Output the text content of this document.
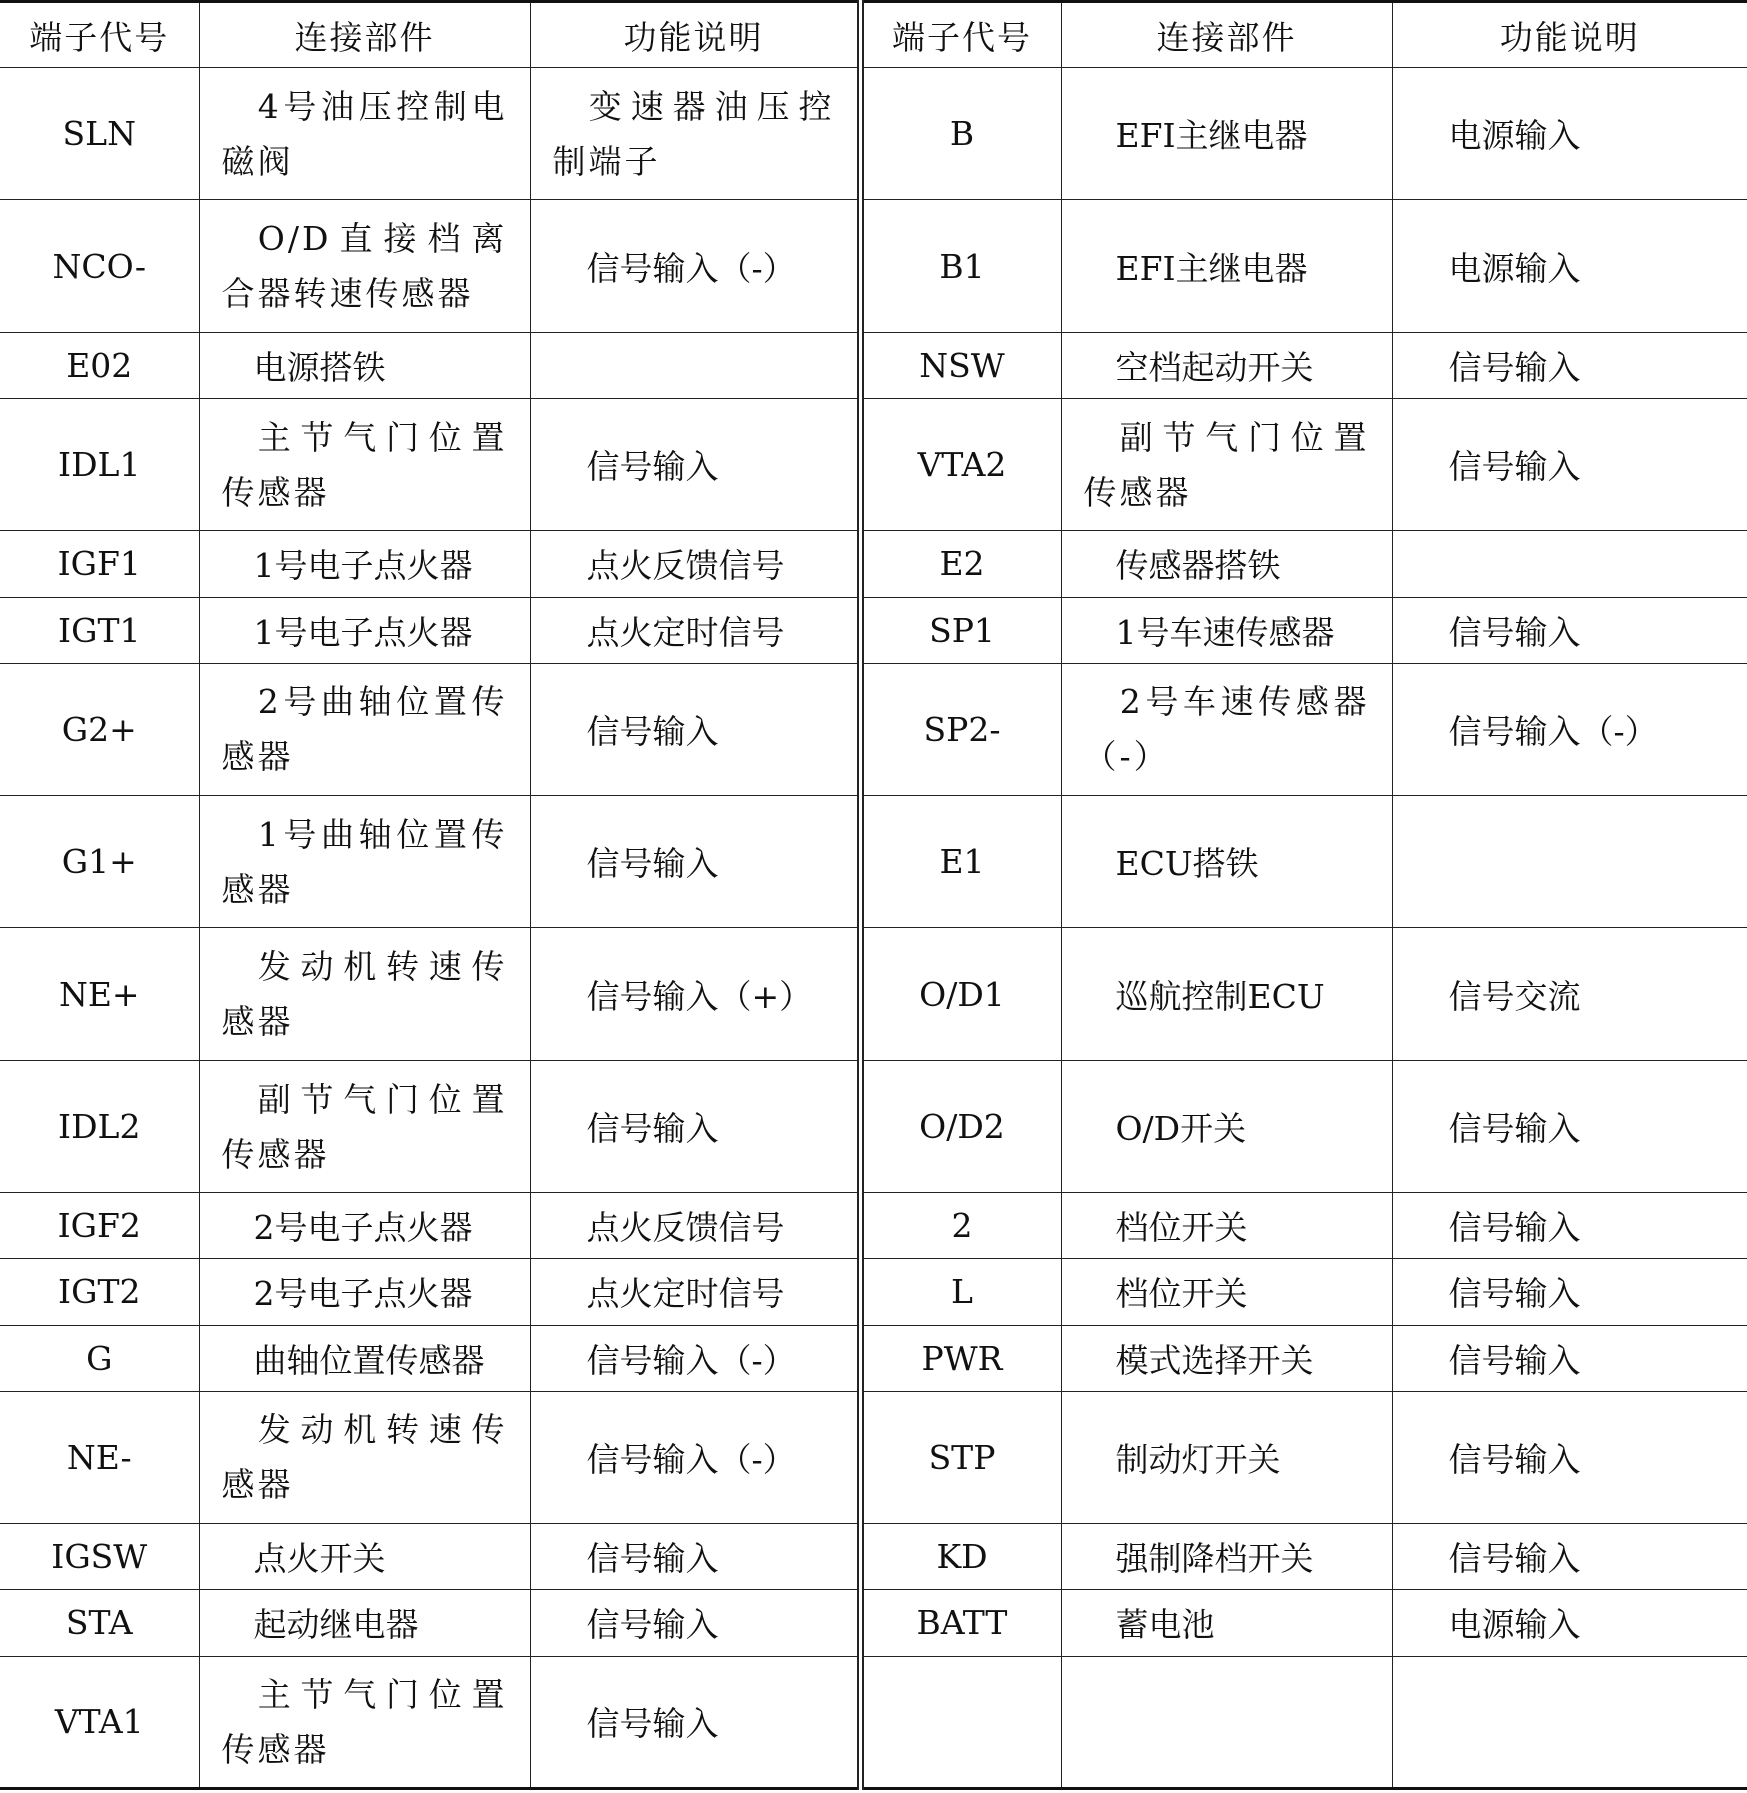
端子代号	连接部件	功能说明	端子代号	连接部件	功能说明
SLN	4号油压控制电磁阀	变速器油压控制端子	B	EFI主继电器	电源输入
NCO-	O/D直接档离合器转速传感器	信号输入（-）	B1	EFI主继电器	电源输入
E02	电源搭铁		NSW	空档起动开关	信号输入
IDL1	主节气门位置传感器	信号输入	VTA2	副节气门位置传感器	信号输入
IGF1	1号电子点火器	点火反馈信号	E2	传感器搭铁	
IGT1	1号电子点火器	点火定时信号	SP1	1号车速传感器	信号输入
G2+	2号曲轴位置传感器	信号输入	SP2-	2号车速传感器（-）	信号输入（-）
G1+	1号曲轴位置传感器	信号输入	E1	ECU搭铁	
NE+	发动机转速传感器	信号输入（+）	O/D1	巡航控制ECU	信号交流
IDL2	副节气门位置传感器	信号输入	O/D2	O/D开关	信号输入
IGF2	2号电子点火器	点火反馈信号	2	档位开关	信号输入
IGT2	2号电子点火器	点火定时信号	L	档位开关	信号输入
G	曲轴位置传感器	信号输入（-）	PWR	模式选择开关	信号输入
NE-	发动机转速传感器	信号输入（-）	STP	制动灯开关	信号输入
IGSW	点火开关	信号输入	KD	强制降档开关	信号输入
STA	起动继电器	信号输入	BATT	蓄电池	电源输入
VTA1	主节气门位置传感器	信号输入			
